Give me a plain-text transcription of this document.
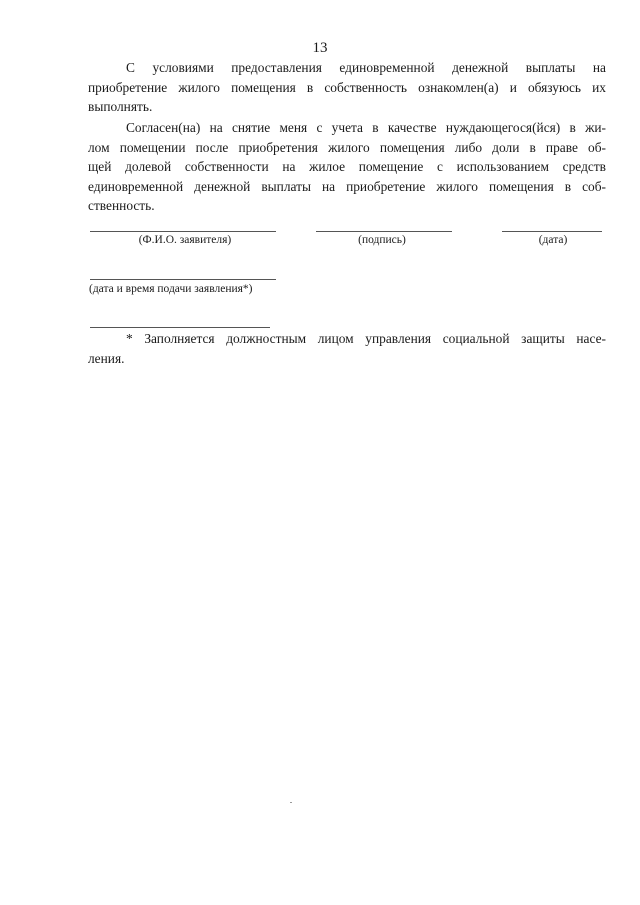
13
С условиями предоставления единовременной денежной выплаты на
приобретение жилого помещения в собственность ознакомлен(а) и обязуюсь их
выполнять.
Согласен(на) на снятие меня с учета в качестве нуждающегося(йся) в жи-
лом помещении после приобретения жилого помещения либо доли в праве об-
щей долевой собственности на жилое помещение с использованием средств
единовременной денежной выплаты на приобретение жилого помещения в соб-
ственность.
(Ф.И.О. заявителя)	(подпись)	(дата)
(дата и время подачи заявления*)
* Заполняется должностным лицом управления социальной защиты насе-
ления.
